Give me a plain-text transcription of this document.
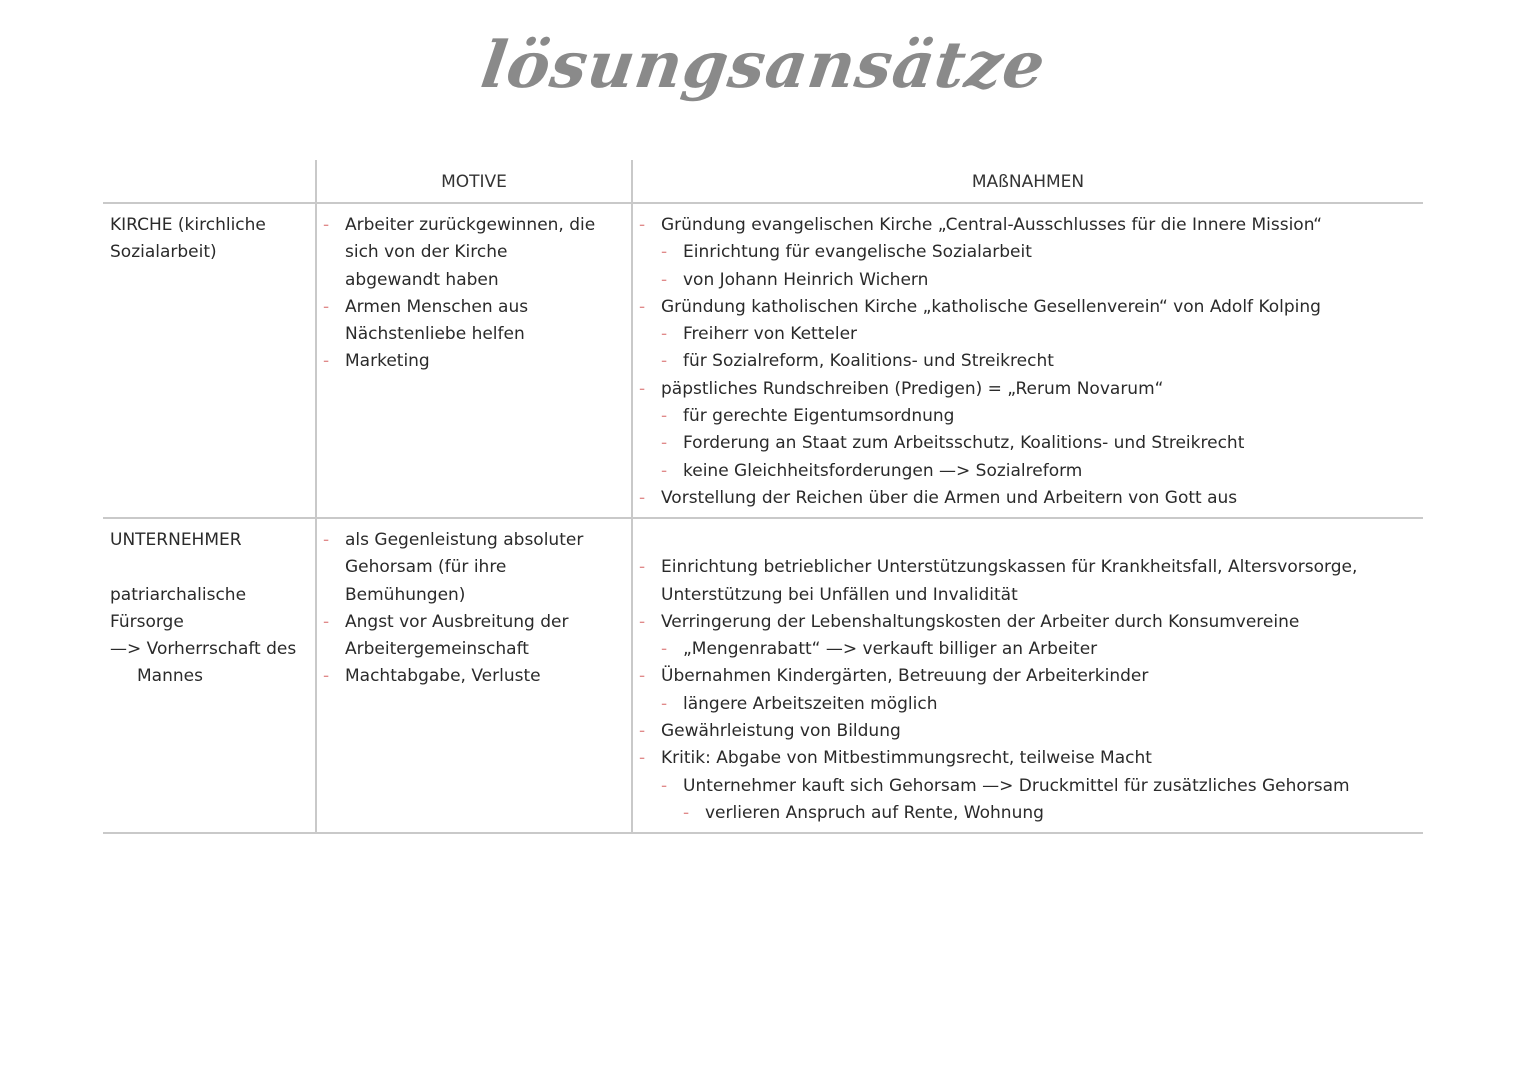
lösungsansätze
MOTIVE	MAßNAHMEN
KIRCHE (kirchliche
Sozialarbeit)
- Arbeiter zurückgewinnen, die
sich von der Kirche
abgewandt haben
- Armen Menschen aus
Nächstenliebe helfen
- Marketing
- Gründung evangelischen Kirche „Central-Ausschlusses für die Innere Mission“
- Einrichtung für evangelische Sozialarbeit
- von Johann Heinrich Wichern
- Gründung katholischen Kirche „katholische Gesellenverein“ von Adolf Kolping
- Freiherr von Ketteler
- für Sozialreform, Koalitions- und Streikrecht
- päpstliches Rundschreiben (Predigen) = „Rerum Novarum“
- für gerechte Eigentumsordnung
- Forderung an Staat zum Arbeitsschutz, Koalitions- und Streikrecht
- keine Gleichheitsforderungen —> Sozialreform
- Vorstellung der Reichen über die Armen und Arbeitern von Gott aus
UNTERNEHMER
patriarchalische
Fürsorge
—> Vorherrschaft des
Mannes
- als Gegenleistung absoluter
Gehorsam (für ihre
Bemühungen)
- Angst vor Ausbreitung der
Arbeitergemeinschaft
- Machtabgabe, Verluste
- Einrichtung betrieblicher Unterstützungskassen für Krankheitsfall, Altersvorsorge,
Unterstützung bei Unfällen und Invalidität
- Verringerung der Lebenshaltungskosten der Arbeiter durch Konsumvereine
- „Mengenrabatt“ —> verkauft billiger an Arbeiter
- Übernahmen Kindergärten, Betreuung der Arbeiterkinder
- längere Arbeitszeiten möglich
- Gewährleistung von Bildung
- Kritik: Abgabe von Mitbestimmungsrecht, teilweise Macht
- Unternehmer kauft sich Gehorsam —> Druckmittel für zusätzliches Gehorsam
- verlieren Anspruch auf Rente, Wohnung
